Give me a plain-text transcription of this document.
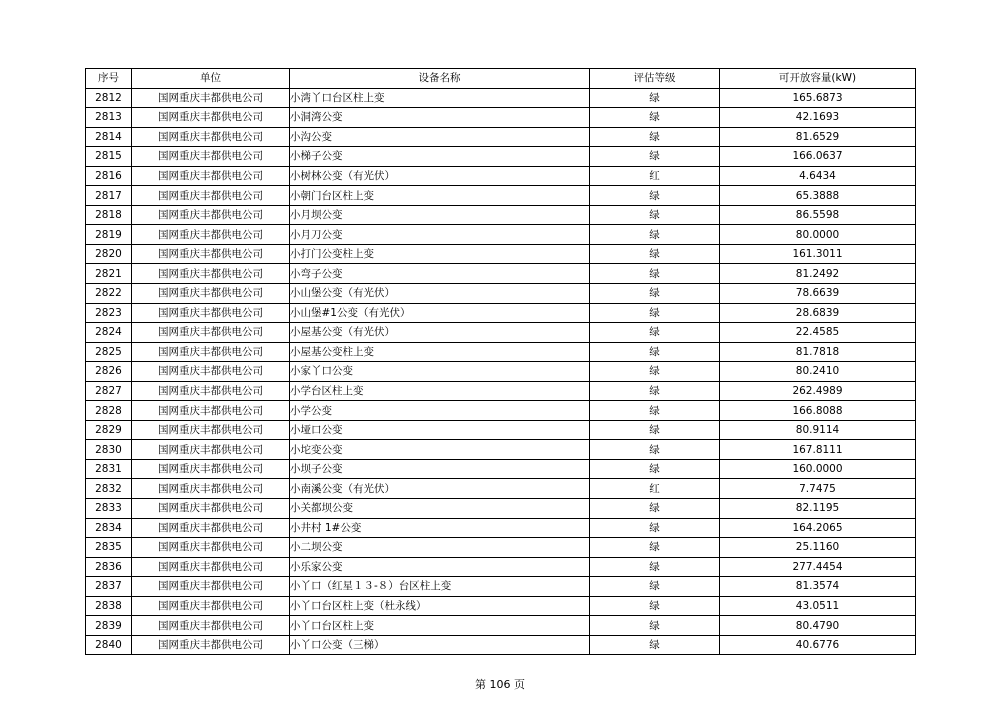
序号	单位	设备名称	评估等级	可开放容量(kW)
2812	国网重庆丰都供电公司	小湾丫口台区柱上变	绿	165.6873
2813	国网重庆丰都供电公司	小洞湾公变	绿	42.1693
2814	国网重庆丰都供电公司	小沟公变	绿	81.6529
2815	国网重庆丰都供电公司	小梯子公变	绿	166.0637
2816	国网重庆丰都供电公司	小树林公变（有光伏）	红	4.6434
2817	国网重庆丰都供电公司	小朝门台区柱上变	绿	65.3888
2818	国网重庆丰都供电公司	小月坝公变	绿	86.5598
2819	国网重庆丰都供电公司	小月刀公变	绿	80.0000
2820	国网重庆丰都供电公司	小打门公变柱上变	绿	161.3011
2821	国网重庆丰都供电公司	小弯子公变	绿	81.2492
2822	国网重庆丰都供电公司	小山堡公变（有光伏）	绿	78.6639
2823	国网重庆丰都供电公司	小山堡#1公变（有光伏）	绿	28.6839
2824	国网重庆丰都供电公司	小屋基公变（有光伏）	绿	22.4585
2825	国网重庆丰都供电公司	小屋基公变柱上变	绿	81.7818
2826	国网重庆丰都供电公司	小家丫口公变	绿	80.2410
2827	国网重庆丰都供电公司	小学台区柱上变	绿	262.4989
2828	国网重庆丰都供电公司	小学公变	绿	166.8088
2829	国网重庆丰都供电公司	小垭口公变	绿	80.9114
2830	国网重庆丰都供电公司	小坨变公变	绿	167.8111
2831	国网重庆丰都供电公司	小坝子公变	绿	160.0000
2832	国网重庆丰都供电公司	小南溪公变（有光伏）	红	7.7475
2833	国网重庆丰都供电公司	小关都坝公变	绿	82.1195
2834	国网重庆丰都供电公司	小井村 1#公变	绿	164.2065
2835	国网重庆丰都供电公司	小二坝公变	绿	25.1160
2836	国网重庆丰都供电公司	小乐家公变	绿	277.4454
2837	国网重庆丰都供电公司	小丫口（红星１３-８）台区柱上变	绿	81.3574
2838	国网重庆丰都供电公司	小丫口台区柱上变（杜永线）	绿	43.0511
2839	国网重庆丰都供电公司	小丫口台区柱上变	绿	80.4790
2840	国网重庆丰都供电公司	小丫口公变（三梯）	绿	40.6776
第 106 页
